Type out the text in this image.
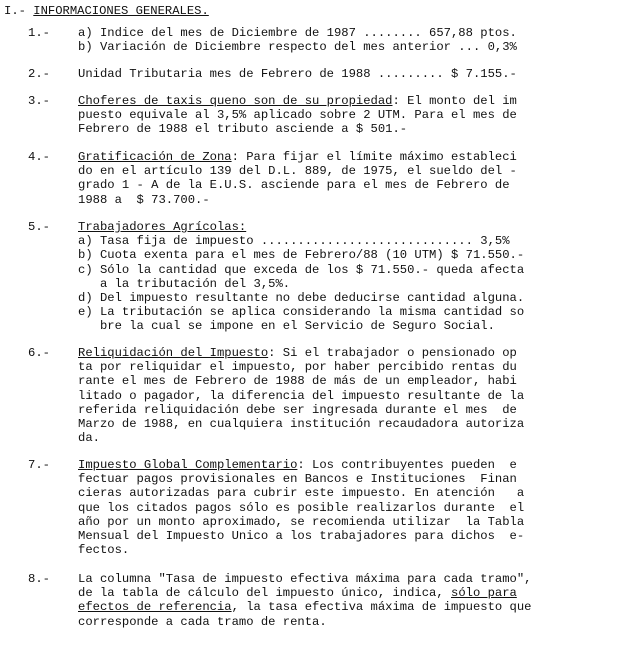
I.- INFORMACIONES GENERALES.
1.- a) Indice del mes de Diciembre de 1987 ........ 657,88 ptos.
b) Variación de Diciembre respecto del mes anterior ... 0,3%
2.- Unidad Tributaria mes de Febrero de 1988 ......... $ 7.155.-
3.- Choferes de taxis queno son de su propiedad: El monto del im
puesto equivale al 3,5% aplicado sobre 2 UTM. Para el mes de
Febrero de 1988 el tributo asciende a $ 501.-
4.- Gratificación de Zona: Para fijar el límite máximo estableci
do en el artículo 139 del D.L. 889, de 1975, el sueldo del -
grado 1 - A de la E.U.S. asciende para el mes de Febrero de
1988 a  $ 73.700.-
5.- Trabajadores Agrícolas:
a) Tasa fija de impuesto ............................. 3,5%
b) Cuota exenta para el mes de Febrero/88 (10 UTM) $ 71.550.-
c) Sólo la cantidad que exceda de los $ 71.550.- queda afecta
a la tributación del 3,5%.
d) Del impuesto resultante no debe deducirse cantidad alguna.
e) La tributación se aplica considerando la misma cantidad so
bre la cual se impone en el Servicio de Seguro Social.
6.- Reliquidación del Impuesto: Si el trabajador o pensionado op
ta por reliquidar el impuesto, por haber percibido rentas du
rante el mes de Febrero de 1988 de más de un empleador, habi
litado o pagador, la diferencia del impuesto resultante de la
referida reliquidación debe ser ingresada durante el mes  de
Marzo de 1988, en cualquiera institución recaudadora autoriza
da.
7.- Impuesto Global Complementario: Los contribuyentes pueden  e
fectuar pagos provisionales en Bancos e Instituciones  Finan
cieras autorizadas para cubrir este impuesto. En atención   a
que los citados pagos sólo es posible realizarlos durante  el
año por un monto aproximado, se recomienda utilizar  la Tabla
Mensual del Impuesto Unico a los trabajadores para dichos  e-
fectos.
8.- La columna "Tasa de impuesto efectiva máxima para cada tramo",
de la tabla de cálculo del impuesto único, indica, sólo para
efectos de referencia, la tasa efectiva máxima de impuesto que
corresponde a cada tramo de renta.
